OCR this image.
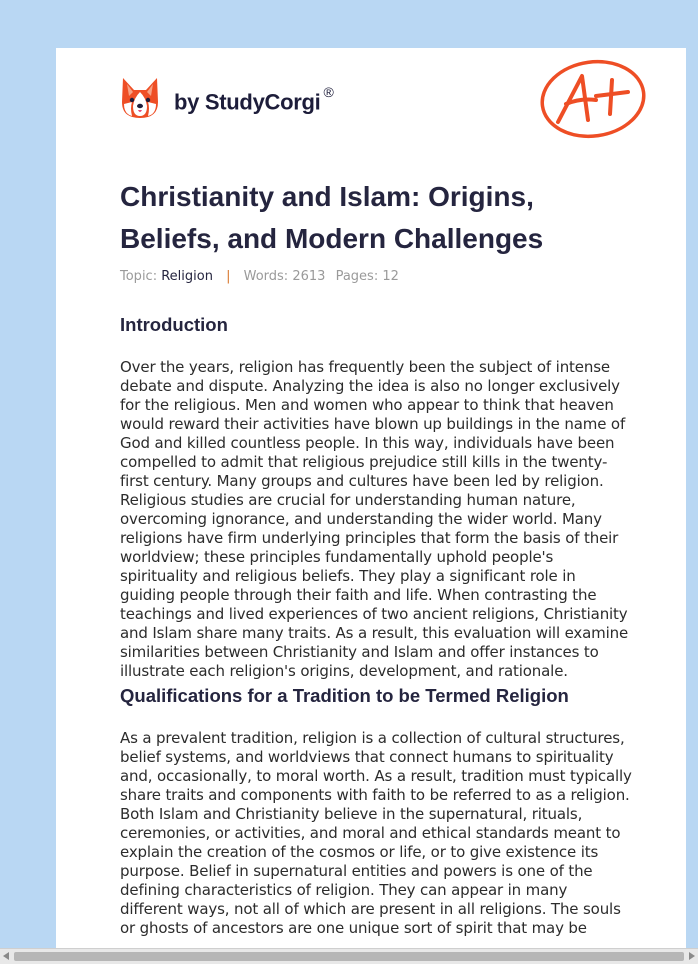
by StudyCorgi ®
Christianity and Islam: Origins, Beliefs, and Modern Challenges
Topic: Religion | Words: 2613 Pages: 12
Introduction

Over the years, religion has frequently been the subject of intense debate and dispute. Analyzing the idea is also no longer exclusively for the religious. Men and women who appear to think that heaven would reward their activities have blown up buildings in the name of God and killed countless people. In this way, individuals have been compelled to admit that religious prejudice still kills in the twenty-first century. Many groups and cultures have been led by religion. Religious studies are crucial for understanding human nature, overcoming ignorance, and understanding the wider world. Many religions have firm underlying principles that form the basis of their worldview; these principles fundamentally uphold people's spirituality and religious beliefs. They play a significant role in guiding people through their faith and life. When contrasting the teachings and lived experiences of two ancient religions, Christianity and Islam share many traits. As a result, this evaluation will examine similarities between Christianity and Islam and offer instances to illustrate each religion's origins, development, and rationale.

Qualifications for a Tradition to be Termed Religion

As a prevalent tradition, religion is a collection of cultural structures, belief systems, and worldviews that connect humans to spirituality and, occasionally, to moral worth. As a result, tradition must typically share traits and components with faith to be referred to as a religion. Both Islam and Christianity believe in the supernatural, rituals, ceremonies, or activities, and moral and ethical standards meant to explain the creation of the cosmos or life, or to give existence its purpose. Belief in supernatural entities and powers is one of the defining characteristics of religion. They can appear in many different ways, not all of which are present in all religions. The souls or ghosts of ancestors are one unique sort of spirit that may be
